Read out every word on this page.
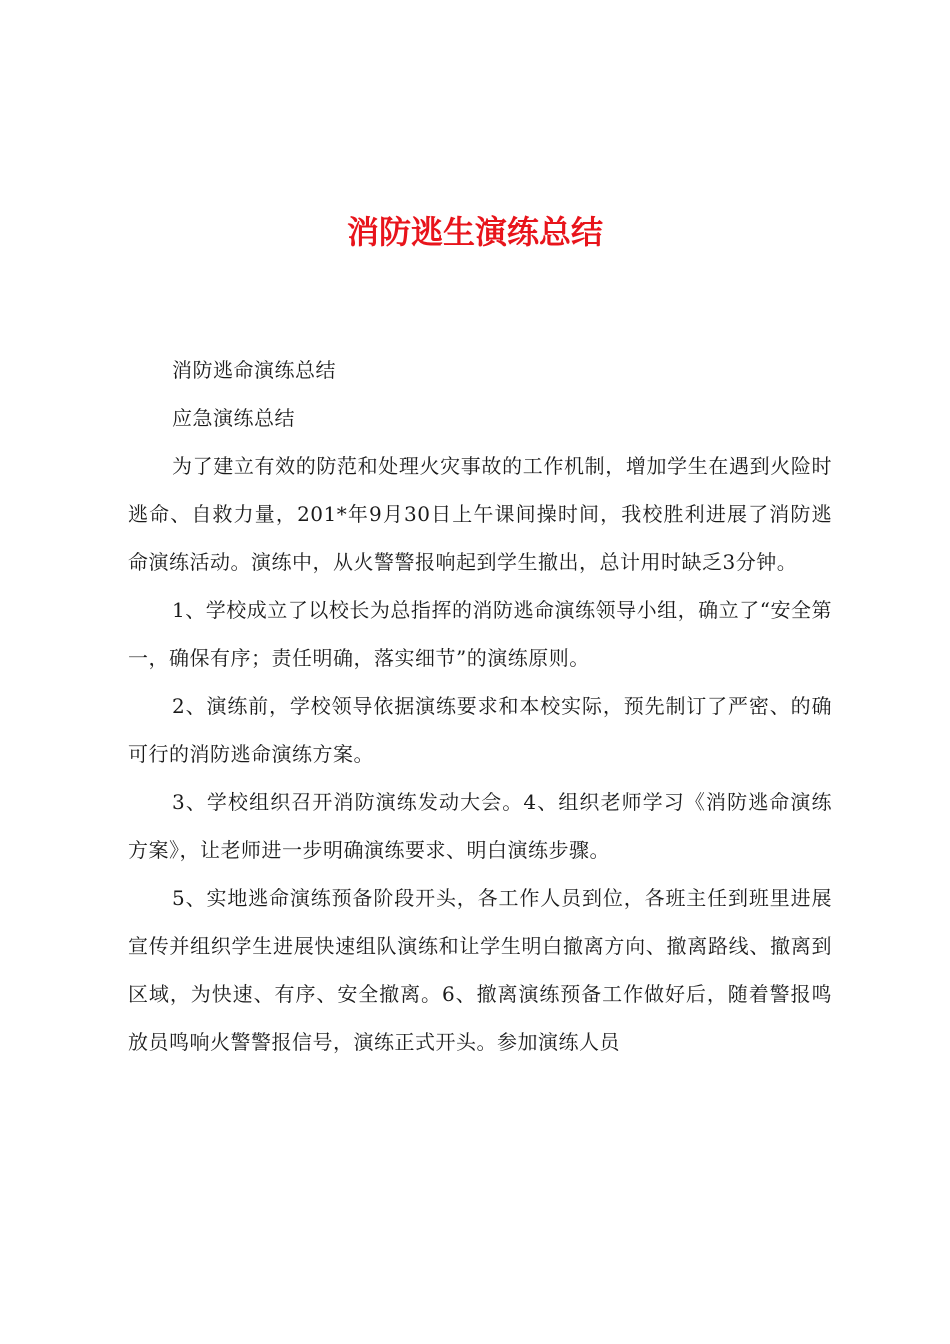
消防逃生演练总结

消防逃命演练总结

应急演练总结

为了建立有效的防范和处理火灾事故的工作机制，增加学生在遇到火险时逃命、自救力量，201*年9月30日上午课间操时间，我校胜利进展了消防逃命演练活动。演练中，从火警警报响起到学生撤出，总计用时缺乏3分钟。

1、学校成立了以校长为总指挥的消防逃命演练领导小组，确立了“安全第一，确保有序；责任明确，落实细节”的演练原则。

2、演练前，学校领导依据演练要求和本校实际，预先制订了严密、的确可行的消防逃命演练方案。

3、学校组织召开消防演练发动大会。4、组织老师学习《消防逃命演练方案》，让老师进一步明确演练要求、明白演练步骤。

5、实地逃命演练预备阶段开头，各工作人员到位，各班主任到班里进展宣传并组织学生进展快速组队演练和让学生明白撤离方向、撤离路线、撤离到区域，为快速、有序、安全撤离。6、撤离演练预备工作做好后，随着警报鸣放员鸣响火警警报信号，演练正式开头。参加演练人员
